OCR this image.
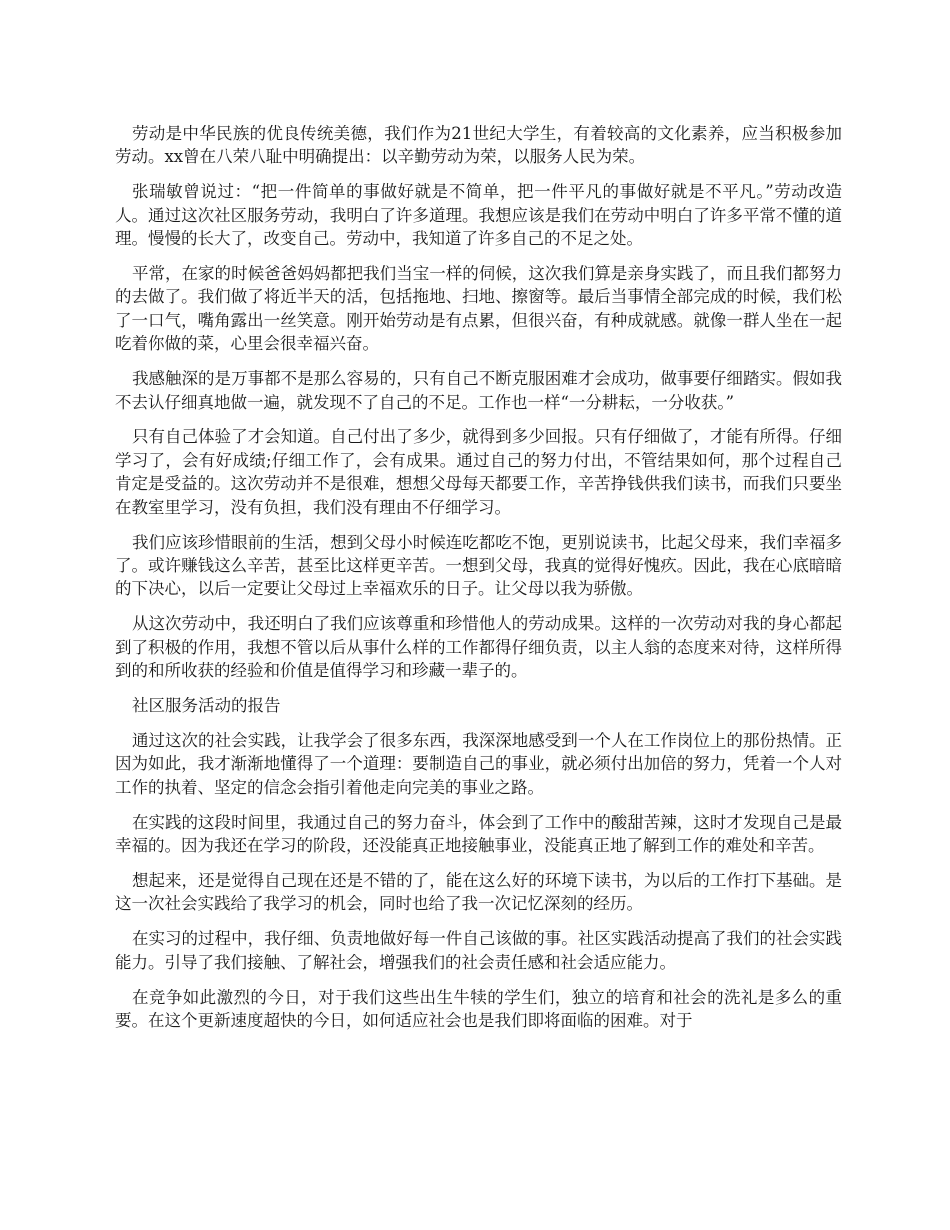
劳动是中华民族的优良传统美德，我们作为21世纪大学生，有着较高的文化素养，应当积极参加劳动。xx曾在八荣八耻中明确提出：以辛勤劳动为荣，以服务人民为荣。

张瑞敏曾说过：“把一件简单的事做好就是不简单，把一件平凡的事做好就是不平凡。”劳动改造人。通过这次社区服务劳动，我明白了许多道理。我想应该是我们在劳动中明白了许多平常不懂的道理。慢慢的长大了，改变自己。劳动中，我知道了许多自己的不足之处。

平常，在家的时候爸爸妈妈都把我们当宝一样的伺候，这次我们算是亲身实践了，而且我们都努力的去做了。我们做了将近半天的活，包括拖地、扫地、擦窗等。最后当事情全部完成的时候，我们松了一口气，嘴角露出一丝笑意。刚开始劳动是有点累，但很兴奋，有种成就感。就像一群人坐在一起吃着你做的菜，心里会很幸福兴奋。

我感触深的是万事都不是那么容易的，只有自己不断克服困难才会成功，做事要仔细踏实。假如我不去认仔细真地做一遍，就发现不了自己的不足。工作也一样“一分耕耘，一分收获。”

只有自己体验了才会知道。自己付出了多少，就得到多少回报。只有仔细做了，才能有所得。仔细学习了，会有好成绩;仔细工作了，会有成果。通过自己的努力付出，不管结果如何，那个过程自己肯定是受益的。这次劳动并不是很难，想想父母每天都要工作，辛苦挣钱供我们读书，而我们只要坐在教室里学习，没有负担，我们没有理由不仔细学习。

我们应该珍惜眼前的生活，想到父母小时候连吃都吃不饱，更别说读书，比起父母来，我们幸福多了。或许赚钱这么辛苦，甚至比这样更辛苦。一想到父母，我真的觉得好愧疚。因此，我在心底暗暗的下决心，以后一定要让父母过上幸福欢乐的日子。让父母以我为骄傲。

从这次劳动中，我还明白了我们应该尊重和珍惜他人的劳动成果。这样的一次劳动对我的身心都起到了积极的作用，我想不管以后从事什么样的工作都得仔细负责，以主人翁的态度来对待，这样所得到的和所收获的经验和价值是值得学习和珍藏一辈子的。

社区服务活动的报告

通过这次的社会实践，让我学会了很多东西，我深深地感受到一个人在工作岗位上的那份热情。正因为如此，我才渐渐地懂得了一个道理：要制造自己的事业，就必须付出加倍的努力，凭着一个人对工作的执着、坚定的信念会指引着他走向完美的事业之路。

在实践的这段时间里，我通过自己的努力奋斗，体会到了工作中的酸甜苦辣，这时才发现自己是最幸福的。因为我还在学习的阶段，还没能真正地接触事业，没能真正地了解到工作的难处和辛苦。

想起来，还是觉得自己现在还是不错的了，能在这么好的环境下读书，为以后的工作打下基础。是这一次社会实践给了我学习的机会，同时也给了我一次记忆深刻的经历。

在实习的过程中，我仔细、负责地做好每一件自己该做的事。社区实践活动提高了我们的社会实践能力。引导了我们接触、了解社会，增强我们的社会责任感和社会适应能力。

在竞争如此激烈的今日，对于我们这些出生牛犊的学生们，独立的培育和社会的洗礼是多么的重要。在这个更新速度超快的今日，如何适应社会也是我们即将面临的困难。对于
